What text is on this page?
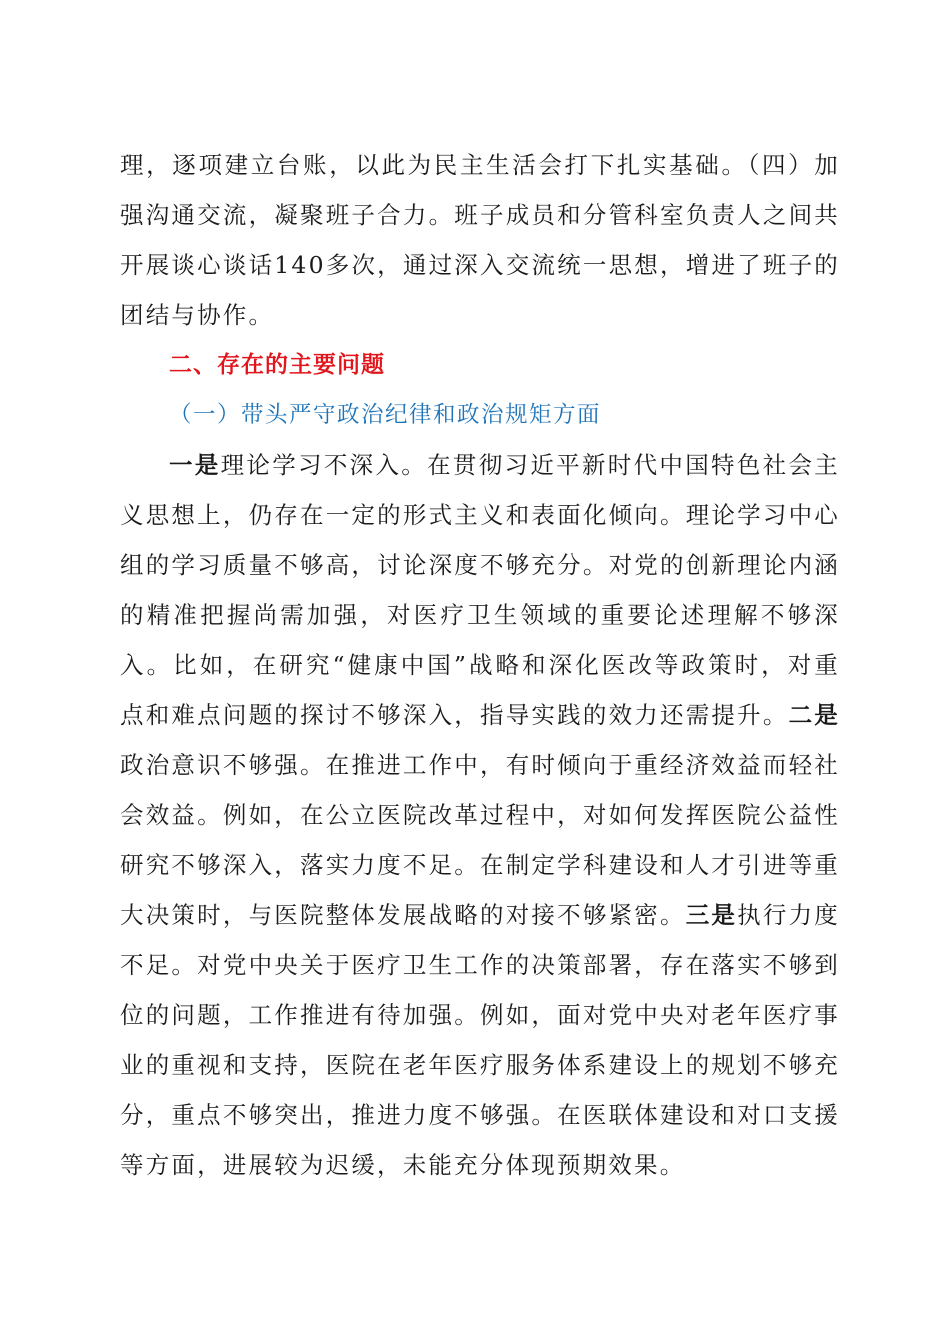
理，逐项建立台账，以此为民主生活会打下扎实基础。（四）加强沟通交流，凝聚班子合力。班子成员和分管科室负责人之间共开展谈心谈话140多次，通过深入交流统一思想，增进了班子的团结与协作。

二、存在的主要问题

（一）带头严守政治纪律和政治规矩方面

一是理论学习不深入。在贯彻习近平新时代中国特色社会主义思想上，仍存在一定的形式主义和表面化倾向。理论学习中心组的学习质量不够高，讨论深度不够充分。对党的创新理论内涵的精准把握尚需加强，对医疗卫生领域的重要论述理解不够深入。比如，在研究“健康中国”战略和深化医改等政策时，对重点和难点问题的探讨不够深入，指导实践的效力还需提升。二是政治意识不够强。在推进工作中，有时倾向于重经济效益而轻社会效益。例如，在公立医院改革过程中，对如何发挥医院公益性研究不够深入，落实力度不足。在制定学科建设和人才引进等重大决策时，与医院整体发展战略的对接不够紧密。三是执行力度不足。对党中央关于医疗卫生工作的决策部署，存在落实不够到位的问题，工作推进有待加强。例如，面对党中央对老年医疗事业的重视和支持，医院在老年医疗服务体系建设上的规划不够充分，重点不够突出，推进力度不够强。在医联体建设和对口支援等方面，进展较为迟缓，未能充分体现预期效果。
